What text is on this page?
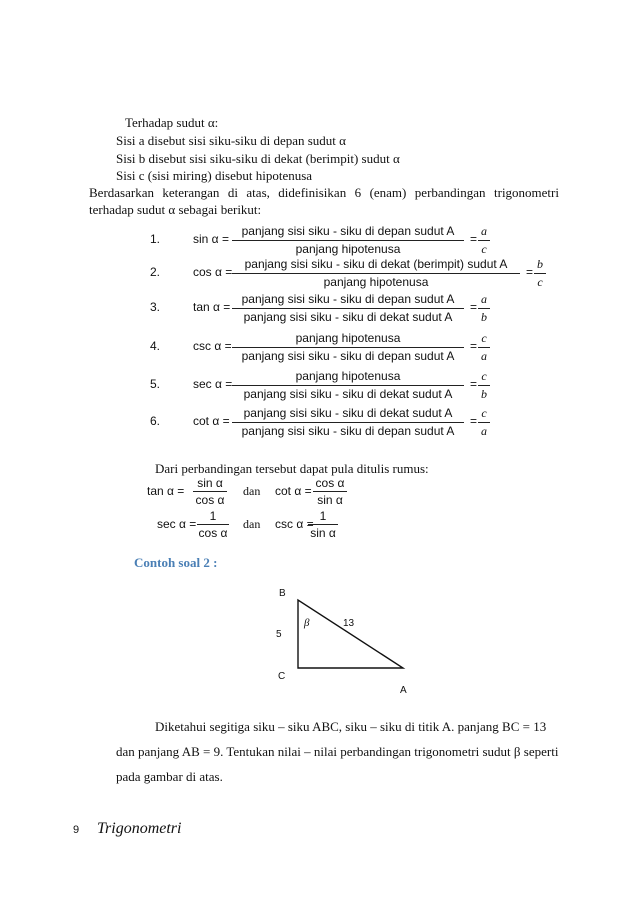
Terhadap sudut α:
Sisi a disebut sisi siku-siku di depan sudut α
Sisi b disebut sisi siku-siku di dekat (berimpit) sudut α
Sisi c (sisi miring) disebut hipotenusa
Berdasarkan keterangan di atas, didefinisikan 6 (enam) perbandingan trigonometri
terhadap sudut α sebagai berikut:
1.	sin α =
panjang sisi siku - siku di depan sudut A
panjang hipotenusa
= $\frac{a}{c}$
2.	cos α =
panjang sisi siku - siku di dekat (berimpit) sudut A
panjang hipotenusa
= $\frac{b}{c}$
3.	tan α =
panjang sisi siku - siku di depan sudut A
panjang sisi siku - siku di dekat sudut A
= $\frac{a}{b}$
4.	csc α =
panjang hipotenusa
panjang sisi siku - siku di depan sudut A
= $\frac{c}{a}$
5.	sec α =
panjang hipotenusa
panjang sisi siku - siku di dekat sudut A
= $\frac{c}{b}$
6.	cot α =
panjang sisi siku - siku di dekat sudut A
panjang sisi siku - siku di depan sudut A
= $\frac{c}{a}$
Dari perbandingan tersebut dapat pula ditulis rumus:
$\tan \alpha = \frac{\text{sin α}}{\text{cos α}}$ dan $\cot \alpha = \frac{\text{cos α}}{\text{sin α}}$
$\sec \alpha = \frac{1}{\text{cos α}}$ dan csc α =
$\frac{1}{\text{sin α}}$
Contoh soal 2 :
B
C
A
5
13
β
Diketahui segitiga siku – siku ABC, siku – siku di titik A. panjang BC = 13
dan panjang AB = 9. Tentukan nilai – nilai perbandingan trigonometri sudut β seperti
pada gambar di atas.
9 Trigonometri
